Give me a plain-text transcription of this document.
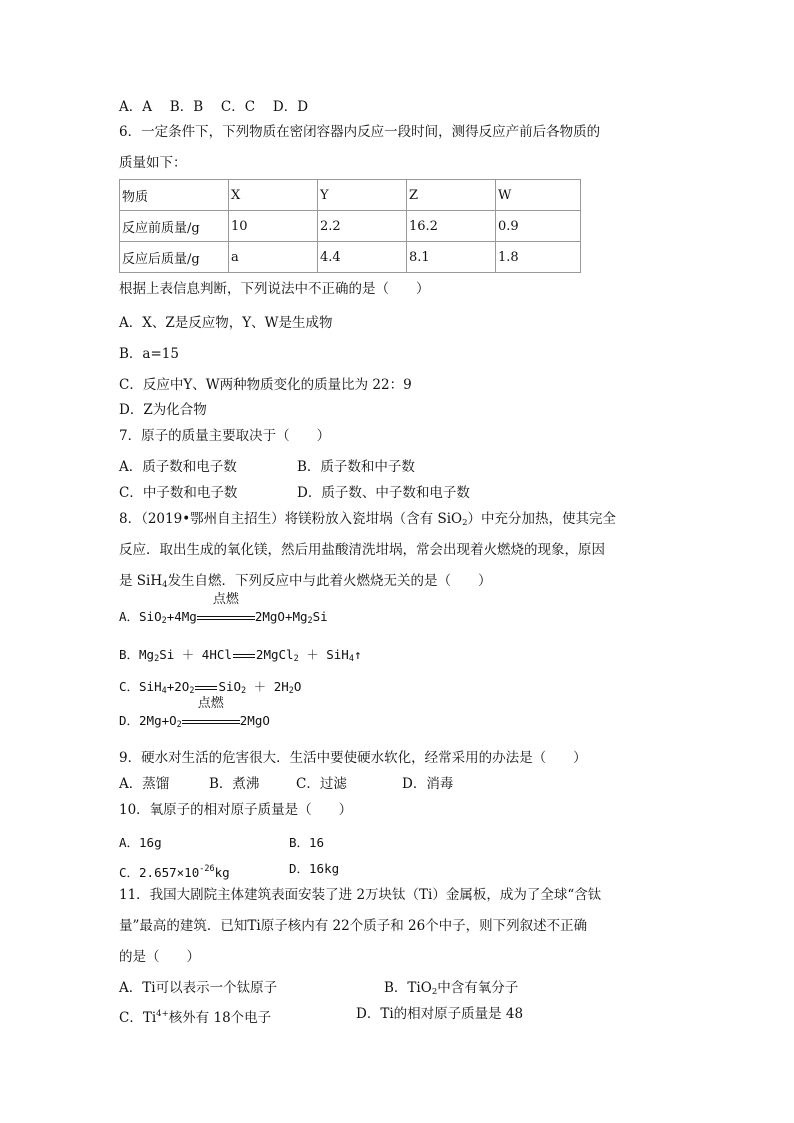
A．A　 B．B　 C．C　 D．D
6．一定条件下，下列物质在密闭容器内反应一段时间，测得反应产前后各物质的
质量如下：
物质	X	Y	Z	W
反应前质量/g	10	2.2	16.2	0.9
反应后质量/g	a	4.4	8.1	1.8
根据上表信息判断，下列说法中不正确的是（　　）
A．X、Z是反应物，Y、W是生成物
B．a=15
C．反应中Y、W两种物质变化的质量比为 22：9
D．Z为化合物
7．原子的质量主要取决于（　　）
A．质子数和电子数	B．质子数和中子数
C．中子数和电子数	D．质子数、中子数和电子数
8．（2019•鄂州自主招生）将镁粉放入瓷坩埚（含有 SiO$_2$）中充分加热，使其完全
反应．取出生成的氧化镁，然后用盐酸清洗坩埚，常会出现着火燃烧的现象，原因
是 SiH$_4$发生自燃．下列反应中与此着火燃烧无关的是（　　）
A．SiO$_2$+4Mg
点燃
$2MgO+Mg_2Si$
B．$Mg_2Si + 4HCl$ 2MgCl$_2$ ＋ SiH$_4$↑
C．$SiH_4+2O_2$ $SiO_2 + 2H_2O$
D．$2Mg+O_2$
点燃
2MgO
9．硬水对生活的危害很大．生活中要使硬水软化，经常采用的办法是（　　）
A．蒸馏	B．煮沸	C．过滤	D．消毒
10．氧原子的相对原子质量是（　　）
A．16g	B．16
C．$2.657\times 10^{-26}kg$	D．16kg
11．我国大剧院主体建筑表面安装了进 2万块钛（Ti）金属板，成为了全球“含钛
量”最高的建筑．已知Ti原子核内有 22个质子和 26个中子，则下列叙述不正确
的是（　　）
A．Ti可以表示一个钛原子	B．TiO$_2$中含有氧分子
C．$Ti^{4+}$核外有 18个电子	D．Ti的相对原子质量是 48
